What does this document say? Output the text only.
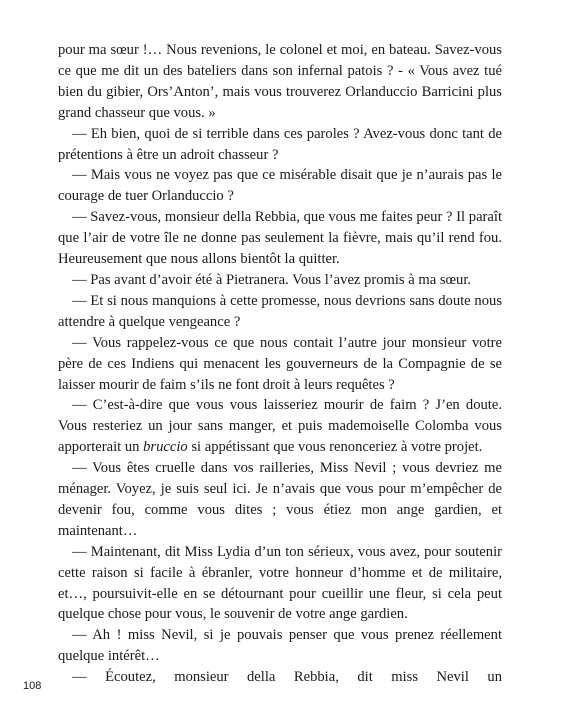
pour ma sœur !… Nous revenions, le colonel et moi, en bateau. Savez-vous ce que me dit un des bateliers dans son infernal patois ? - « Vous avez tué bien du gibier, Ors’Anton’, mais vous trouverez Orlanduccio Barricini plus grand chasseur que vous. »

— Eh bien, quoi de si terrible dans ces paroles ? Avez-vous donc tant de prétentions à être un adroit chasseur ?

— Mais vous ne voyez pas que ce misérable disait que je n’aurais pas le courage de tuer Orlanduccio ?

— Savez-vous, monsieur della Rebbia, que vous me faites peur ? Il paraît que l’air de votre île ne donne pas seulement la fièvre, mais qu’il rend fou. Heureusement que nous allons bientôt la quitter.

— Pas avant d’avoir été à Pietranera. Vous l’avez promis à ma sœur.

— Et si nous manquions à cette promesse, nous devrions sans doute nous attendre à quelque vengeance ?

— Vous rappelez-vous ce que nous contait l’autre jour monsieur votre père de ces Indiens qui menacent les gouverneurs de la Compagnie de se laisser mourir de faim s’ils ne font droit à leurs requêtes ?

— C’est-à-dire que vous vous laisseriez mourir de faim ? J’en doute. Vous resteriez un jour sans manger, et puis mademoiselle Colomba vous apporterait un bruccio si appétissant que vous renonceriez à votre projet.

— Vous êtes cruelle dans vos railleries, Miss Nevil ; vous devriez me ménager. Voyez, je suis seul ici. Je n’avais que vous pour m’empêcher de devenir fou, comme vous dites ; vous étiez mon ange gardien, et maintenant…

— Maintenant, dit Miss Lydia d’un ton sérieux, vous avez, pour soutenir cette raison si facile à ébranler, votre honneur d’homme et de militaire, et…, poursuivit-elle en se détournant pour cueillir une fleur, si cela peut quelque chose pour vous, le souvenir de votre ange gardien.

— Ah ! miss Nevil, si je pouvais penser que vous prenez réellement quelque intérêt…

— Écoutez, monsieur della Rebbia, dit miss Nevil un

108
